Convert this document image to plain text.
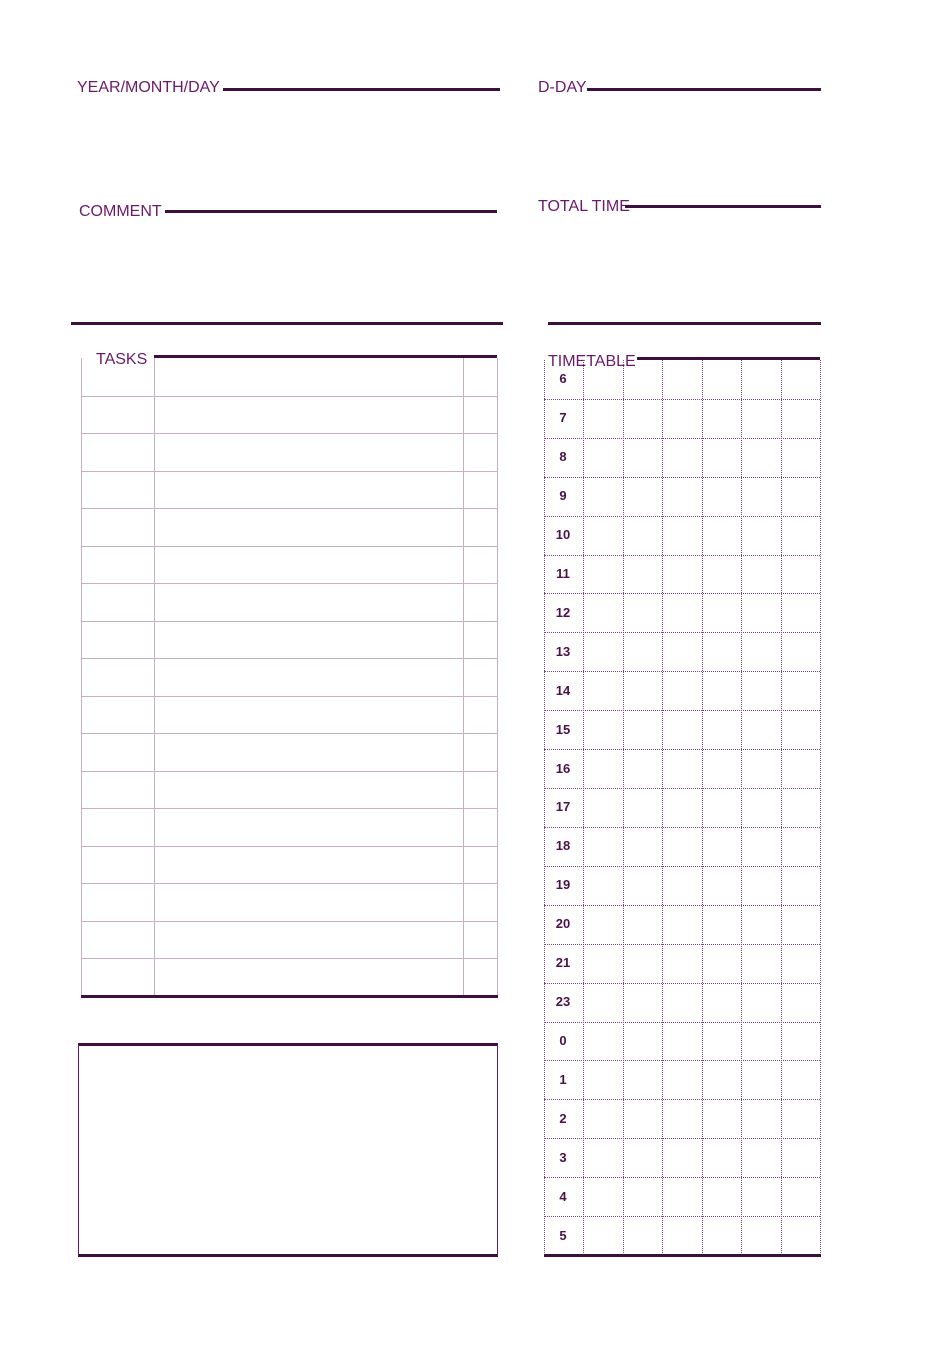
YEAR/MONTH/DAY	D-DAY
COMMENT	TOTAL TIME
TASKS	TIMETABLE
6
7
8
9
10
11
12
13
14
15
16
17
18
19
20
21
23
0
1
2
3
4
5
